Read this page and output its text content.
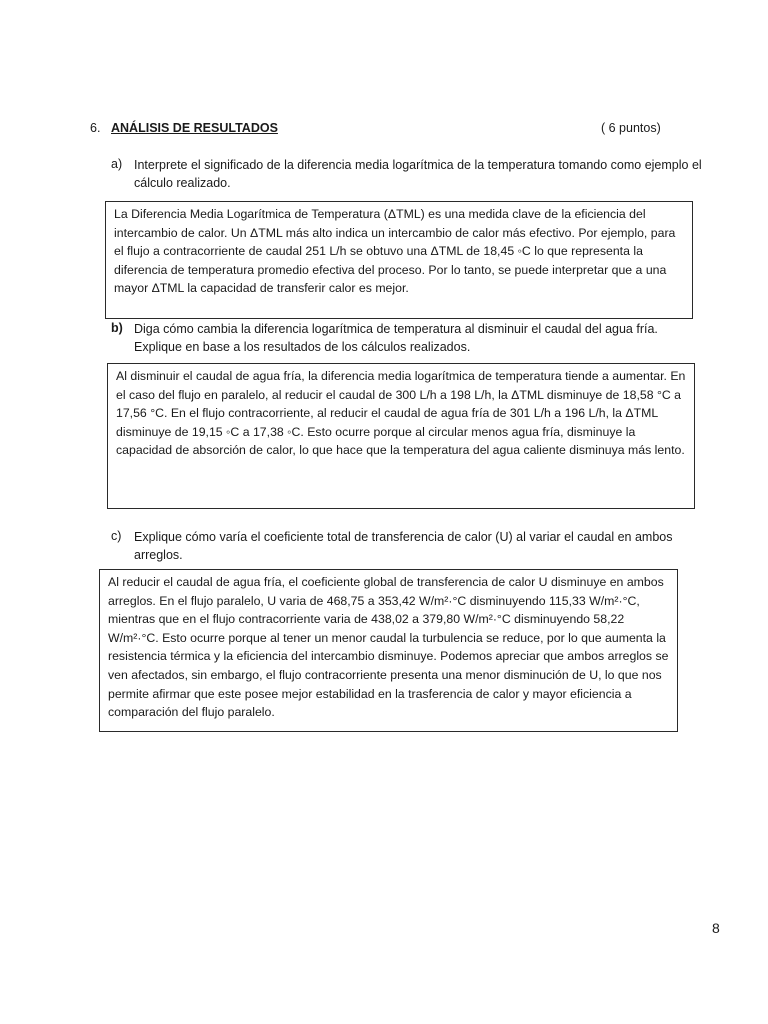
6. ANÁLISIS DE RESULTADOS	( 6 puntos)
a) Interprete el significado de la diferencia media logarítmica de la temperatura tomando como ejemplo el cálculo realizado.

La Diferencia Media Logarítmica de Temperatura (ΔTML) es una medida clave de la eficiencia del intercambio de calor. Un ΔTML más alto indica un intercambio de calor más efectivo. Por ejemplo, para el flujo a contracorriente de caudal 251 L/h se obtuvo una ΔTML de 18,45 ◦C lo que representa la diferencia de temperatura promedio efectiva del proceso. Por lo tanto, se puede interpretar que a una mayor ΔTML la capacidad de transferir calor es mejor.

b) Diga cómo cambia la diferencia logarítmica de temperatura al disminuir el caudal del agua fría. Explique en base a los resultados de los cálculos realizados.

Al disminuir el caudal de agua fría, la diferencia media logarítmica de temperatura tiende a aumentar. En el caso del flujo en paralelo, al reducir el caudal de 300 L/h a 198 L/h, la ΔTML disminuye de 18,58 °C a 17,56 °C. En el flujo contracorriente, al reducir el caudal de agua fría de 301 L/h a 196 L/h, la ΔTML disminuye de 19,15 ◦C a 17,38 ◦C. Esto ocurre porque al circular menos agua fría, disminuye la capacidad de absorción de calor, lo que hace que la temperatura del agua caliente disminuya más lento.

c) Explique cómo varía el coeficiente total de transferencia de calor (U) al variar el caudal en ambos arreglos.

Al reducir el caudal de agua fría, el coeficiente global de transferencia de calor U disminuye en ambos arreglos. En el flujo paralelo, U varia de 468,75 a 353,42 W/m²·°C disminuyendo 115,33 W/m²·°C, mientras que en el flujo contracorriente varia de 438,02 a 379,80 W/m²·°C disminuyendo 58,22 W/m²·°C. Esto ocurre porque al tener un menor caudal la turbulencia se reduce, por lo que aumenta la resistencia térmica y la eficiencia del intercambio disminuye. Podemos apreciar que ambos arreglos se ven afectados, sin embargo, el flujo contracorriente presenta una menor disminución de U, lo que nos permite afirmar que este posee mejor estabilidad en la trasferencia de calor y mayor eficiencia a comparación del flujo paralelo.

8
